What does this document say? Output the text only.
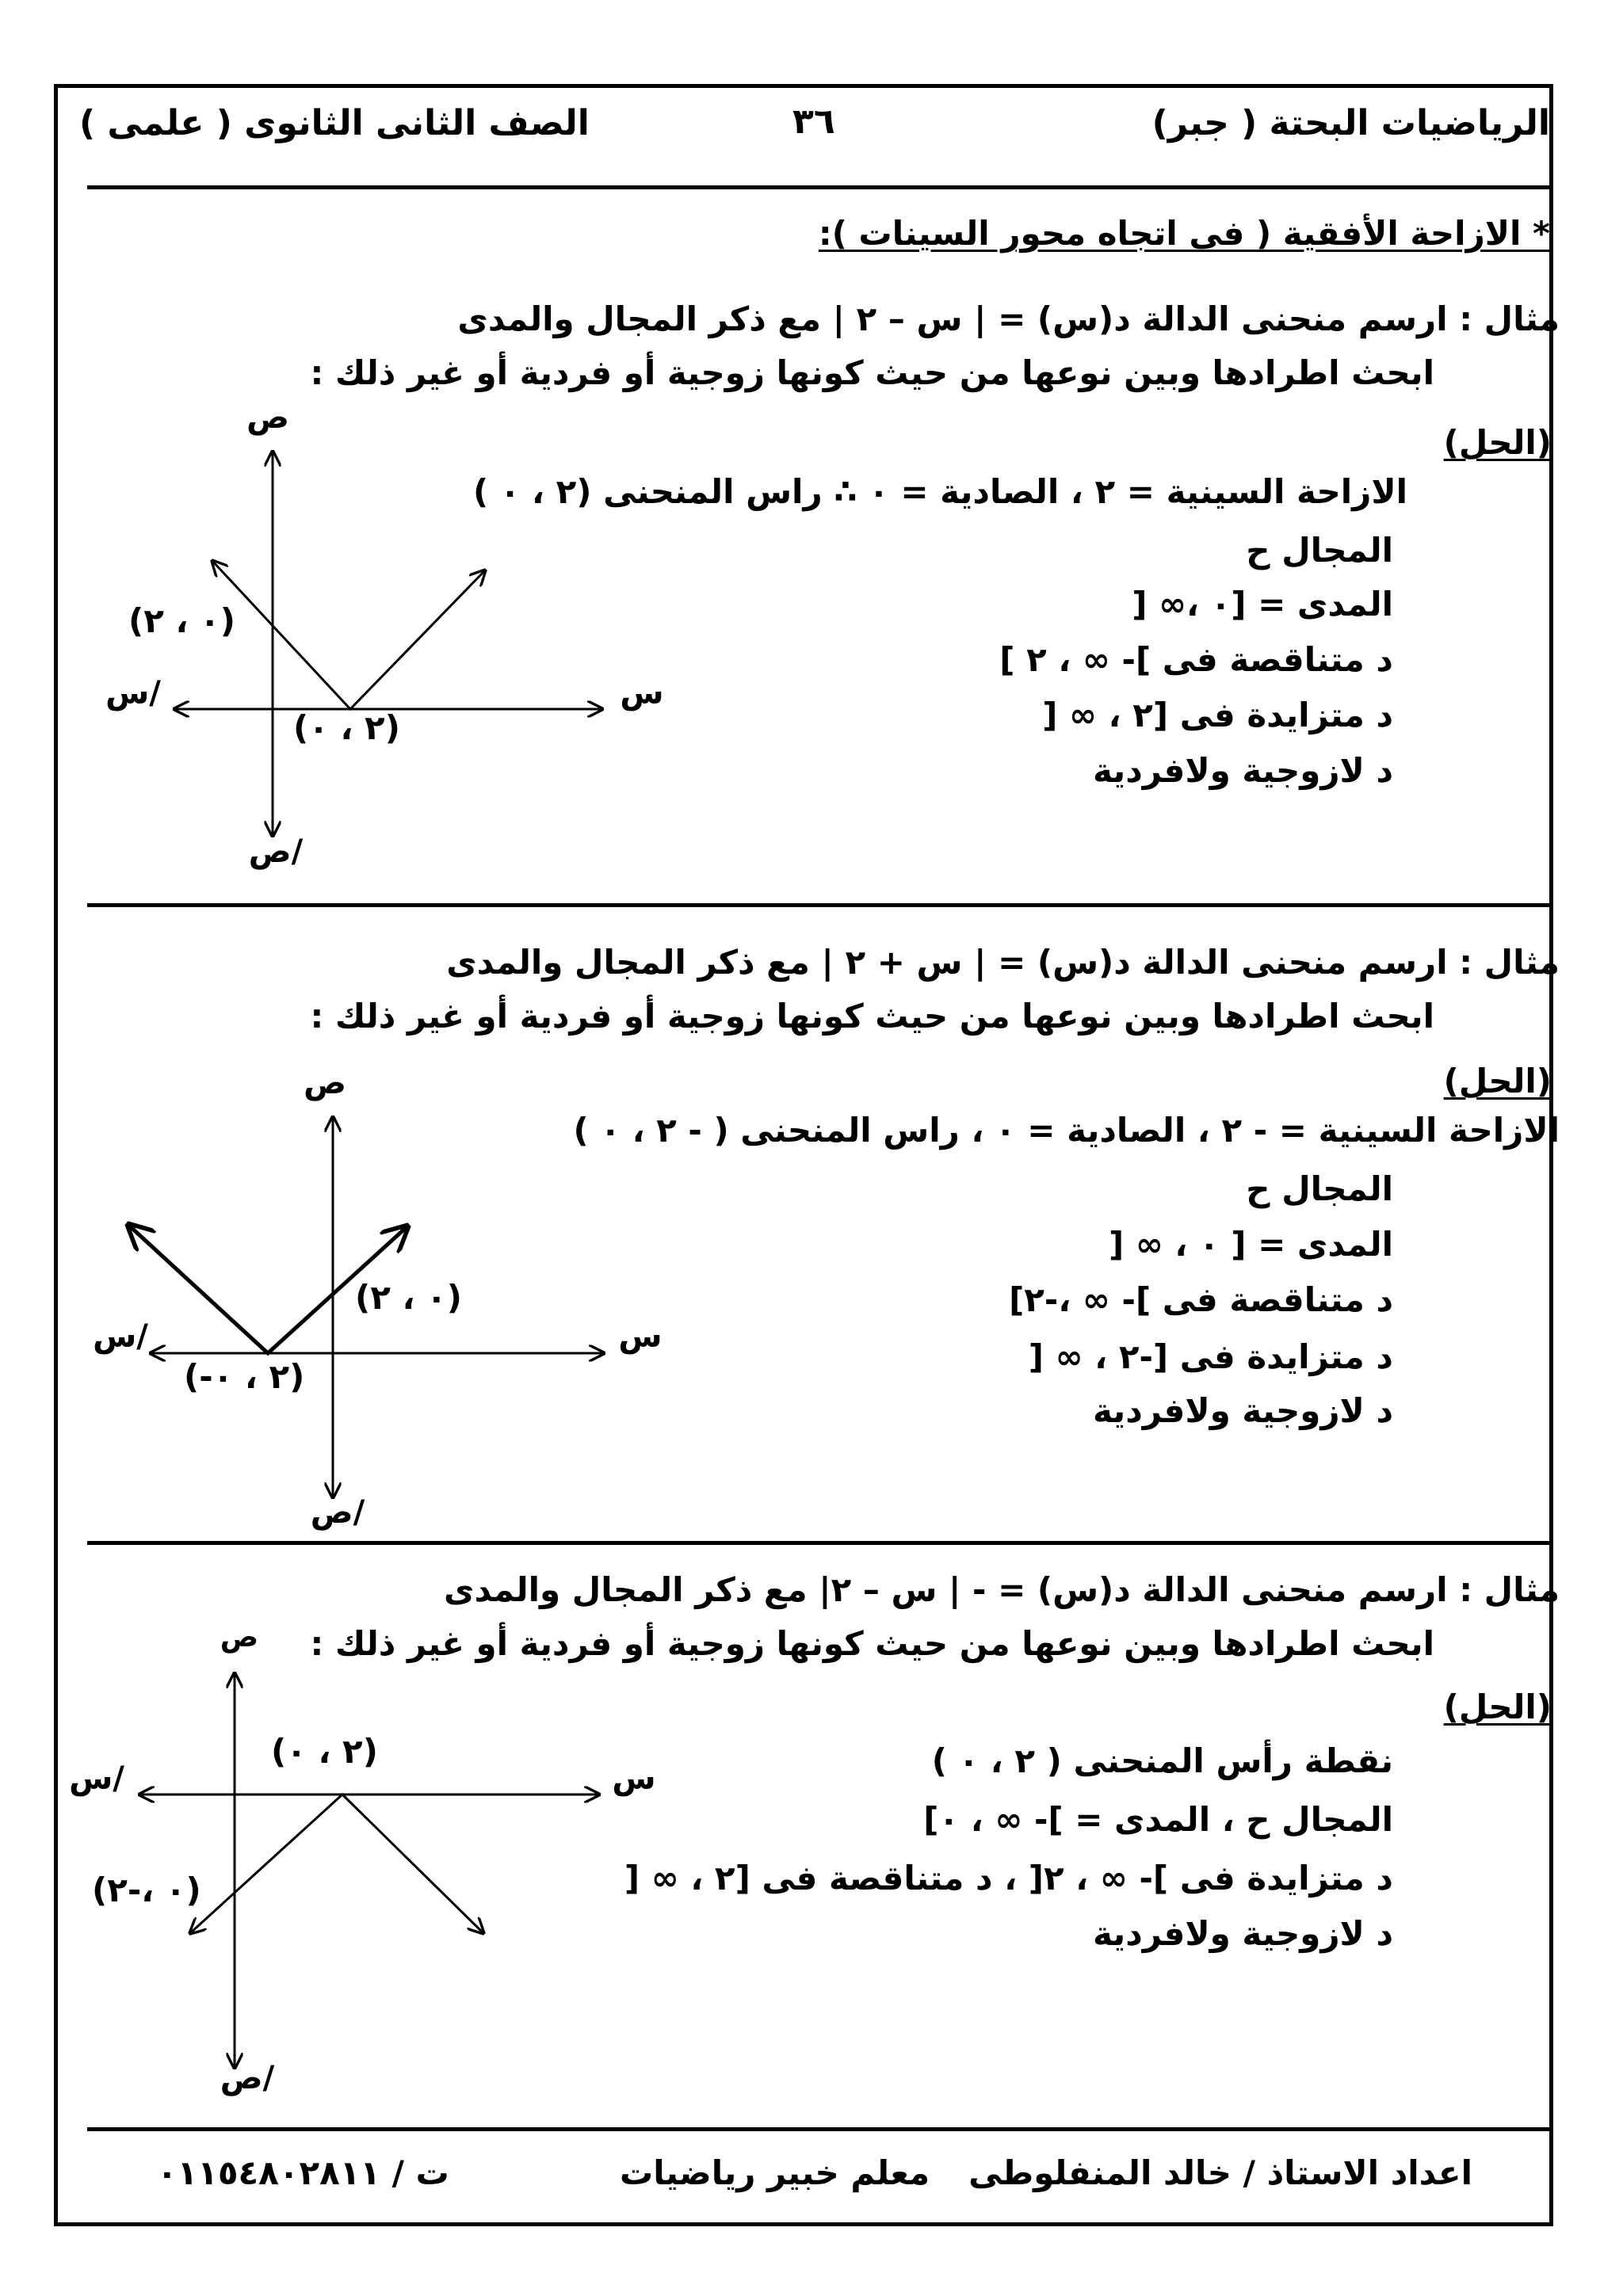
الرياضيات البحتة ( جبر)
٣٦
الصف الثانى الثانوى ( علمى )
* الازاحة الأفقية ( فى اتجاه محور السينات ):
مثال : ارسم منحنى الدالة د(س) = | س – ٢ | مع ذكر المجال والمدى
ابحث اطرادها وبين نوعها من حيث كونها زوجية أو فردية أو غير ذلك :
(الحل)
الازاحة السينية = ٢ ، الصادية = ٠ ∴ راس المنحنى (٢ ، ٠ )
المجال ح
المدى = [٠ ،∞ [
د متناقصة فى ]- ∞ ، ٢ ]
د متزايدة فى [٢ ، ∞ [
د لازوجية ولافردية
ص
ص/
س
س/
(٢ ، ٠)
(٠ ، ٢)
مثال : ارسم منحنى الدالة د(س) = | س + ٢ | مع ذكر المجال والمدى
ابحث اطرادها وبين نوعها من حيث كونها زوجية أو فردية أو غير ذلك :
(الحل)
الازاحة السينية = - ٢ ، الصادية = ٠ ، راس المنحنى ( - ٢ ، ٠ )
المجال ح
المدى = [ ٠ ، ∞ [
د متناقصة فى ]- ∞ ،-٢]
د متزايدة فى [-٢ ، ∞ [
د لازوجية ولافردية
ص
ص/
س
س/
(-٢ ، ٠)
(٠ ، ٢)
مثال : ارسم منحنى الدالة د(س) = - | س – ٢| مع ذكر المجال والمدى
ابحث اطرادها وبين نوعها من حيث كونها زوجية أو فردية أو غير ذلك :
(الحل)
نقطة رأس المنحنى ( ٢ ، ٠ )
المجال ح ، المدى = ]- ∞ ، ٠]
د متزايدة فى ]- ∞ ، ٢[ ، د متناقصة فى [٢ ، ∞ [
د لازوجية ولافردية
ص
ص/
س
س/
(٢ ، ٠)
(٠ ،-٢)
اعداد الاستاذ / خالد المنفلوطى
معلم خبير رياضيات
ت / ٠١١٥٤٨٠٢٨١١
